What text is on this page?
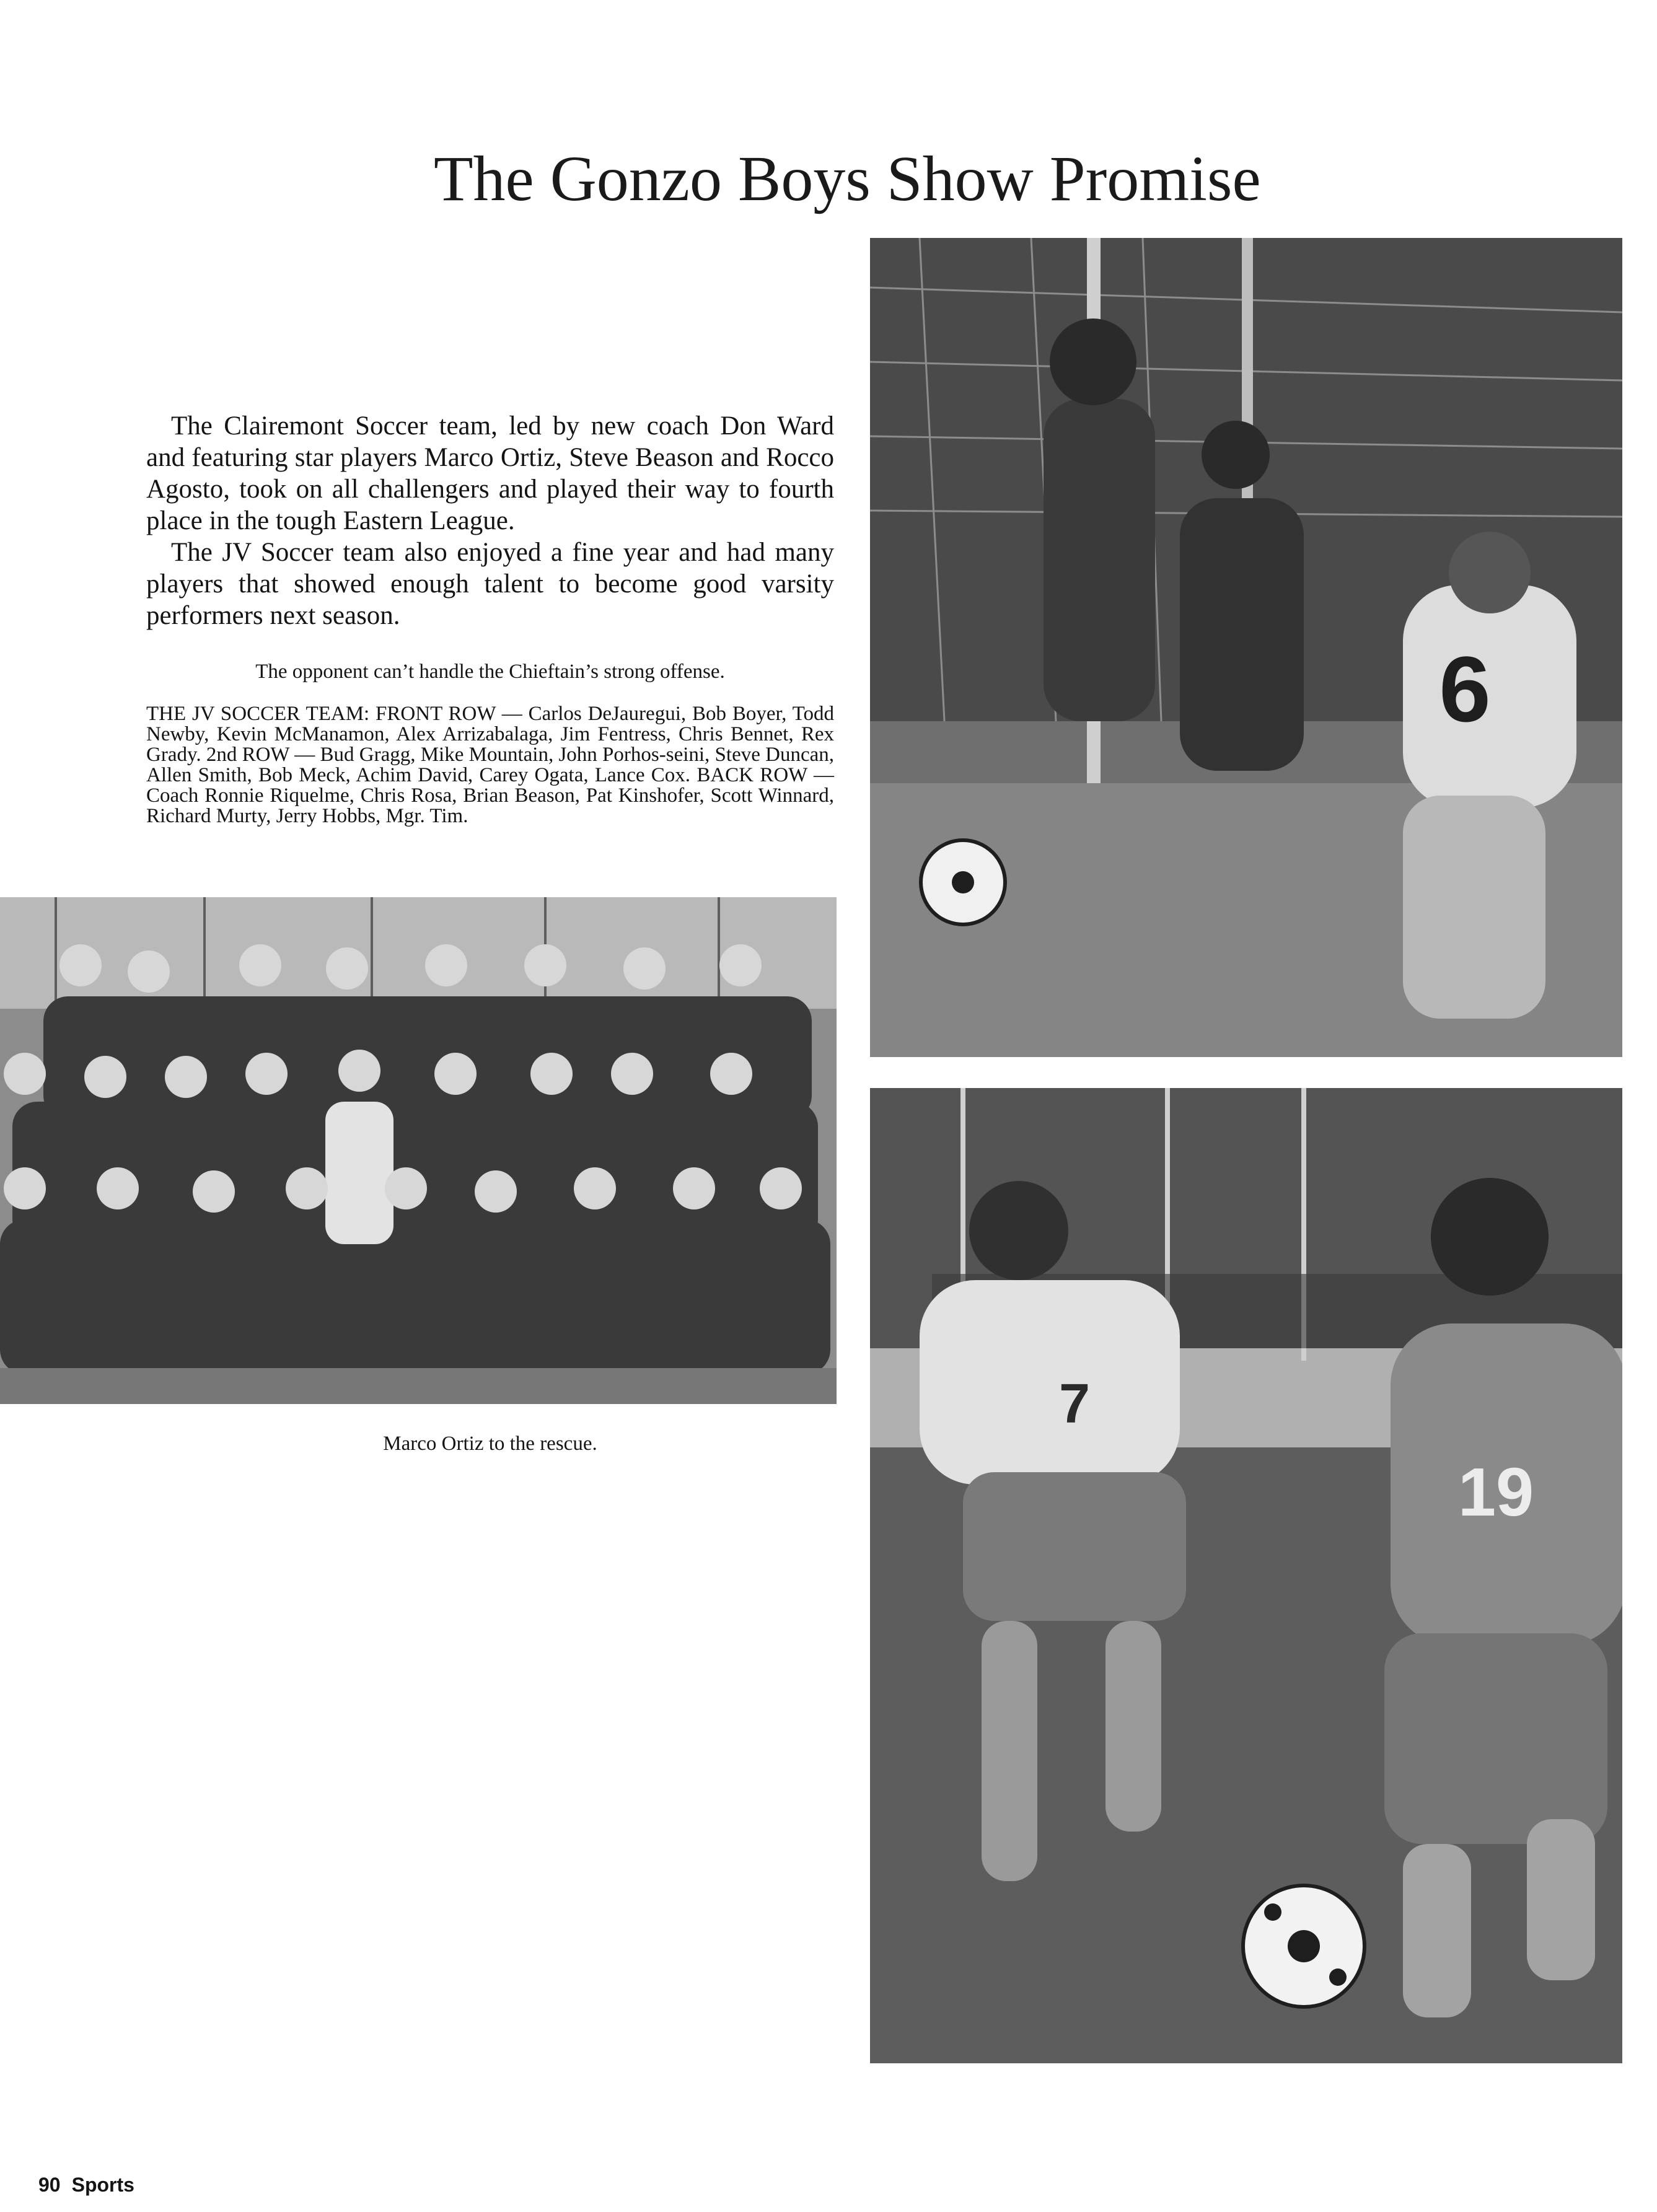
The Gonzo Boys Show Promise

The Clairemont Soccer team, led by new coach Don Ward and featuring star players Marco Ortiz, Steve Beason and Rocco Agosto, took on all challengers and played their way to fourth place in the tough Eastern League.

The JV Soccer team also enjoyed a fine year and had many players that showed enough talent to become good varsity performers next season.

The opponent can’t handle the Chieftain’s strong offense.
THE JV SOCCER TEAM: FRONT ROW — Carlos DeJauregui, Bob Boyer, Todd Newby, Kevin McManamon, Alex Arrizabalaga, Jim Fentress, Chris Bennet, Rex Grady. 2nd ROW — Bud Gragg, Mike Mountain, John Porhos-seini, Steve Duncan, Allen Smith, Bob Meck, Achim David, Carey Ogata, Lance Cox. BACK ROW — Coach Ronnie Riquelme, Chris Rosa, Brian Beason, Pat Kinshofer, Scott Winnard, Richard Murty, Jerry Hobbs, Mgr. Tim.
Marco Ortiz to the rescue.
6
7
19
90 Sports
